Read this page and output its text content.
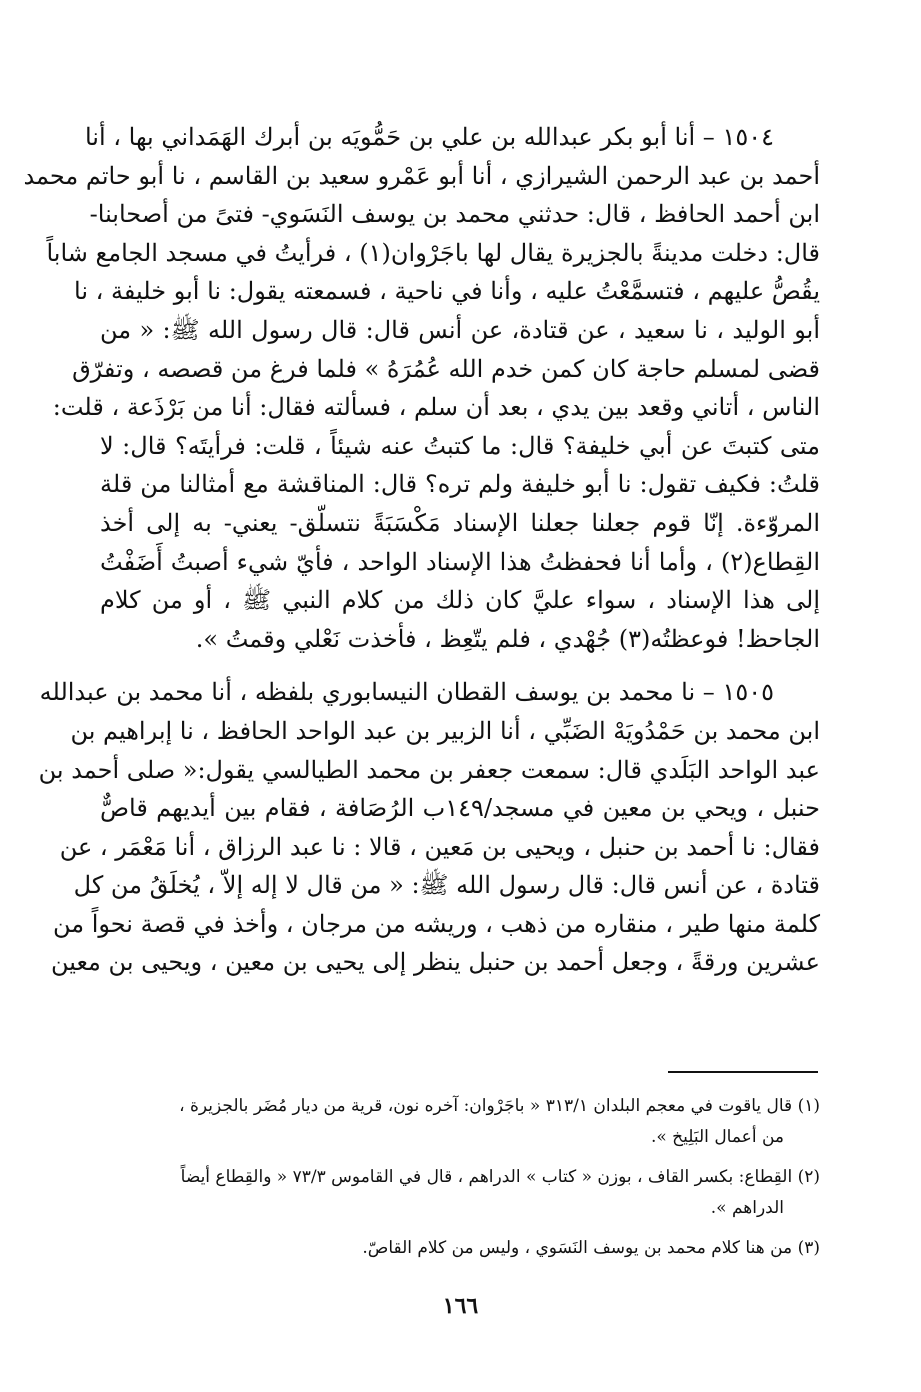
١٥٠٤ – أنا أبو بكر عبدالله بن علي بن حَمُّويَه بن أبرك الهَمَداني بها ، أنا
أحمد بن عبد الرحمن الشيرازي ، أنا أبو عَمْرو سعيد بن القاسم ، نا أبو حاتم محمد
ابن أحمد الحافظ ، قال: حدثني محمد بن يوسف النَسَوي- فتىً من أصحابنا-
قال: دخلت مدينةً بالجزيرة يقال لها باجَرْوان(١) ، فرأيتُ في مسجد الجامع شاباً
يقُصُّ عليهم ، فتسمَّعْتُ عليه ، وأنا في ناحية ، فسمعته يقول: نا أبو خليفة ، نا
أبو الوليد ، نا سعيد ، عن قتادة، عن أنس قال: قال رسول الله ﷺ: « من
قضى لمسلم حاجة كان كمن خدم الله عُمُرَهُ » فلما فرغ من قصصه ، وتفرّق
الناس ، أتاني وقعد بين يدي ، بعد أن سلم ، فسألته فقال: أنا من بَرْذَعة ، قلت:
متى كتبتَ عن أبي خليفة؟ قال: ما كتبتُ عنه شيئاً ، قلت: فرأيتَه؟ قال: لا
قلتُ: فكيف تقول: نا أبو خليفة ولم تره؟ قال: المناقشة مع أمثالنا من قلة
المروّءة. إنّا قوم جعلنا جعلنا الإسناد مَكْسَبَةً نتسلّق- يعني- به إلى أخذ
القِطاع(٢) ، وأما أنا فحفظتُ هذا الإسناد الواحد ، فأيّ شيء أصبتُ أَضَفْتُ
إلى هذا الإسناد ، سواء عليَّ كان ذلك من كلام النبي ﷺ ، أو من كلام
الجاحظ! فوعظتُه(٣) جُهْدي ، فلم يتّعِظ ، فأخذت نَعْلي وقمتُ ».
١٥٠٥ – نا محمد بن يوسف القطان النيسابوري بلفظه ، أنا محمد بن عبدالله
ابن محمد بن حَمْدُويَهْ الضَبِّي ، أنا الزبير بن عبد الواحد الحافظ ، نا إبراهيم بن
عبد الواحد البَلَدي قال: سمعت جعفر بن محمد الطيالسي يقول:« صلى أحمد بن
حنبل ، ويحي بن معين في مسجد/١٤٩ب الرُصَافة ، فقام بين أيديهم قاصٌّ
فقال: نا أحمد بن حنبل ، ويحيى بن مَعين ، قالا : نا عبد الرزاق ، أنا مَعْمَر ، عن
قتادة ، عن أنس قال: قال رسول الله ﷺ: « من قال لا إله إلاّ ، يُخلَقُ من كل
كلمة منها طير ، منقاره من ذهب ، وريشه من مرجان ، وأخذ في قصة نحواً من
عشرين ورقةً ، وجعل أحمد بن حنبل ينظر إلى يحيى بن معين ، ويحيى بن معين
(١) قال ياقوت في معجم البلدان ٣١٣/١ « باجَرْوان: آخره نون، قرية من ديار مُضَر بالجزيرة ،
من أعمال البَلِيخ ».
(٢) القِطاع: بكسر القاف ، بوزن « كتاب » الدراهم ، قال في القاموس ٧٣/٣ « والقِطاع أيضاً
الدراهم ».
(٣) من هنا كلام محمد بن يوسف النَسَوي ، وليس من كلام القاصّ.
١٦٦
